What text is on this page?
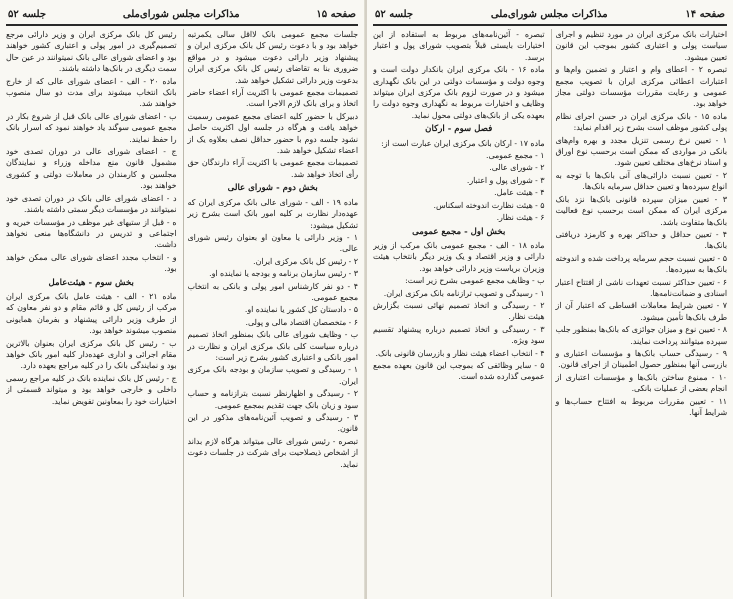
صفحه ۱۵
مذاکرات مجلس شورای‌ملی
جلسه ۵۲

جلسات مجمع عمومی بانک لااقل سالی یکمرتبه خواهد بود و با دعوت رئیس کل بانک مرکزی ایران و پیشنهاد وزیر دارائی دعوت میشود و در مواقع ضروری بنا به تقاضای رئیس کل بانک مرکزی ایران بدعوت وزیر دارائی تشکیل خواهد شد.

تصمیمات مجمع عمومی با اکثریت آراء اعضاء حاضر اتخاذ و برای بانک لازم الاجرا است.

دبیرکل با حضور کلیه اعضای مجمع عمومی رسمیت خواهد یافت و هرگاه در جلسه اول اکثریت حاصل نشود جلسه دوم با حضور حداقل نصف بعلاوه یک از اعضاء تشکیل خواهد شد.

تصمیمات مجمع عمومی با اکثریت آراء دارندگان حق رأی اتخاذ خواهد شد.

بخش دوم - شورای عالی

ماده ۱۹ - الف - شورای عالی بانک مرکزی ایران که عهده‌دار نظارت بر کلیه امور بانک است بشرح زیر تشکیل میشود:

۱ - وزیر دارائی یا معاون او بعنوان رئیس شورای عالی.

۲ - رئیس کل بانک مرکزی ایران.

۳ - رئیس سازمان برنامه و بودجه یا نماینده او.

۴ - دو نفر کارشناس امور پولی و بانکی به انتخاب مجمع عمومی.

۵ - دادستان کل کشور یا نماینده او.

۶ - متخصصان اقتصاد مالی و پولی.

ب - وظایف شورای عالی بانک بمنظور اتخاذ تصمیم درباره سیاست کلی بانک مرکزی ایران و نظارت در امور بانکی و اعتباری کشور بشرح زیر است:

۱ - رسیدگی و تصویب سازمان و بودجه بانک مرکزی ایران.

۲ - رسیدگی و اظهارنظر نسبت بترازنامه و حساب سود و زیان بانک جهت تقدیم بمجمع عمومی.

۳ - رسیدگی و تصویب آئین‌نامه‌های مذکور در این قانون.

تبصره - رئیس شورای عالی میتواند هرگاه لازم بداند از اشخاص ذیصلاحیت برای شرکت در جلسات دعوت نماید.

رئیس کل بانک مرکزی ایران و وزیر دارائی مرجع تصمیم‌گیری در امور پولی و اعتباری کشور خواهند بود و اعضای شورای عالی بانک نمیتوانند در عین حال سمت دیگری در بانک‌ها داشته باشند.

ماده ۲۰ - الف - اعضای شورای عالی که از خارج بانک انتخاب میشوند برای مدت دو سال منصوب خواهند شد.

ب - اعضای شورای عالی بانک قبل از شروع بکار در مجمع عمومی سوگند یاد خواهند نمود که اسرار بانک را حفظ نمایند.

ج - اعضای شورای عالی در دوران تصدی خود مشمول قانون منع مداخله وزراء و نمایندگان مجلسین و کارمندان در معاملات دولتی و کشوری خواهند بود.

د - اعضای شورای عالی بانک در دوران تصدی خود نمیتوانند در مؤسسات دیگر سمتی داشته باشند.

ه - قبل از ستیهای غیر موظف در مؤسسات خیریه و اجتماعی و تدریس در دانشگاه‌ها منعی نخواهد داشت.

و - انتخاب مجدد اعضای شورای عالی ممکن خواهد بود.

بخش سوم - هیئت‌عامل

ماده ۲۱ - الف - هیئت عامل بانک مرکزی ایران مرکب از رئیس کل و قائم مقام و دو نفر معاون که از طرف وزیر دارائی پیشنهاد و بفرمان همایونی منصوب میشوند خواهد بود.

ب - رئیس کل بانک مرکزی ایران بعنوان بالاترین مقام اجرائی و اداری عهده‌دار کلیه امور بانک خواهد بود و نمایندگی بانک را در کلیه مراجع بعهده دارد.

ج - رئیس کل بانک نماینده بانک در کلیه مراجع رسمی داخلی و خارجی خواهد بود و میتواند قسمتی از اختیارات خود را بمعاونین تفویض نماید.

صفحه ۱۴
مذاکرات مجلس شورای‌ملی
جلسه ۵۲

اختیارات بانک مرکزی ایران در مورد تنظیم و اجرای سیاست پولی و اعتباری کشور بموجب این قانون تعیین میشود.

تبصره ۲ - اعطای وام و اعتبار و تضمین وام‌ها و اعتبارات اعطائی مرکزی ایران با تصویب مجمع عمومی و رعایت مقررات مؤسسات دولتی مجاز خواهد بود.

ماده ۱۵ - بانک مرکزی ایران در حسن اجرای نظام پولی کشور موظف است بشرح زیر اقدام نماید:

۱ - تعیین نرخ رسمی تنزیل مجدد و بهره وام‌های بانکی در مواردی که ممکن است برحسب نوع اوراق و اسناد نرخ‌های مختلف تعیین شود.

۲ - تعیین نسبت دارائی‌های آنی بانک‌ها با توجه به انواع سپرده‌ها و تعیین حداقل سرمایه بانک‌ها.

۳ - تعیین میزان سپرده قانونی بانک‌ها نزد بانک مرکزی ایران که ممکن است برحسب نوع فعالیت بانک‌ها متفاوت باشد.

۴ - تعیین حداقل و حداکثر بهره و کارمزد دریافتی بانک‌ها.

۵ - تعیین نسبت حجم سرمایه پرداخت شده و اندوخته بانک‌ها به سپرده‌ها.

۶ - تعیین حداکثر نسبت تعهدات ناشی از افتتاح اعتبار اسنادی و ضمانت‌نامه‌ها.

۷ - تعیین شرایط معاملات اقساطی که اعتبار آن از طرف بانک‌ها تأمین میشود.

۸ - تعیین نوع و میزان جوائزی که بانک‌ها بمنظور جلب سپرده میتوانند پرداخت نمایند.

۹ - رسیدگی حساب بانک‌ها و مؤسسات اعتباری و بازرسی آنها بمنظور حصول اطمینان از اجرای قانون.

۱۰ - ممنوع ساختن بانک‌ها و مؤسسات اعتباری از انجام بعضی از عملیات بانکی.

۱۱ - تعیین مقررات مربوط به افتتاح حساب‌ها و شرایط آنها.

تبصره - آئین‌نامه‌های مربوط به استفاده از این اختیارات بایستی قبلاً بتصویب شورای پول و اعتبار برسد.

ماده ۱۶ - بانک مرکزی ایران بانکدار دولت است و وجوه دولت و مؤسسات دولتی در این بانک نگهداری میشود و در صورت لزوم بانک مرکزی ایران میتواند وظایف و اختیارات مربوط به نگهداری وجوه دولت را بعهده یکی از بانک‌های دولتی محول نماید.

فصل سوم - ارکان

ماده ۱۷ - ارکان بانک مرکزی ایران عبارت است از:

۱ - مجمع عمومی.

۲ - شورای عالی.

۳ - شورای پول و اعتبار.

۴ - هیئت عامل.

۵ - هیئت نظارت اندوخته اسکناس.

۶ - هیئت نظار.

بخش اول - مجمع عمومی

ماده ۱۸ - الف - مجمع عمومی بانک مرکب از وزیر دارائی و وزیر اقتصاد و یک وزیر دیگر بانتخاب هیئت وزیران بریاست وزیر دارائی خواهد بود.

ب - وظایف مجمع عمومی بشرح زیر است:

۱ - رسیدگی و تصویب ترازنامه بانک مرکزی ایران.

۲ - رسیدگی و اتخاذ تصمیم نهائی نسبت بگزارش هیئت نظار.

۳ - رسیدگی و اتخاذ تصمیم درباره پیشنهاد تقسیم سود ویژه.

۴ - انتخاب اعضاء هیئت نظار و بازرسان قانونی بانک.

۵ - سایر وظائفی که بموجب این قانون بعهده مجمع عمومی گذارده شده است.
